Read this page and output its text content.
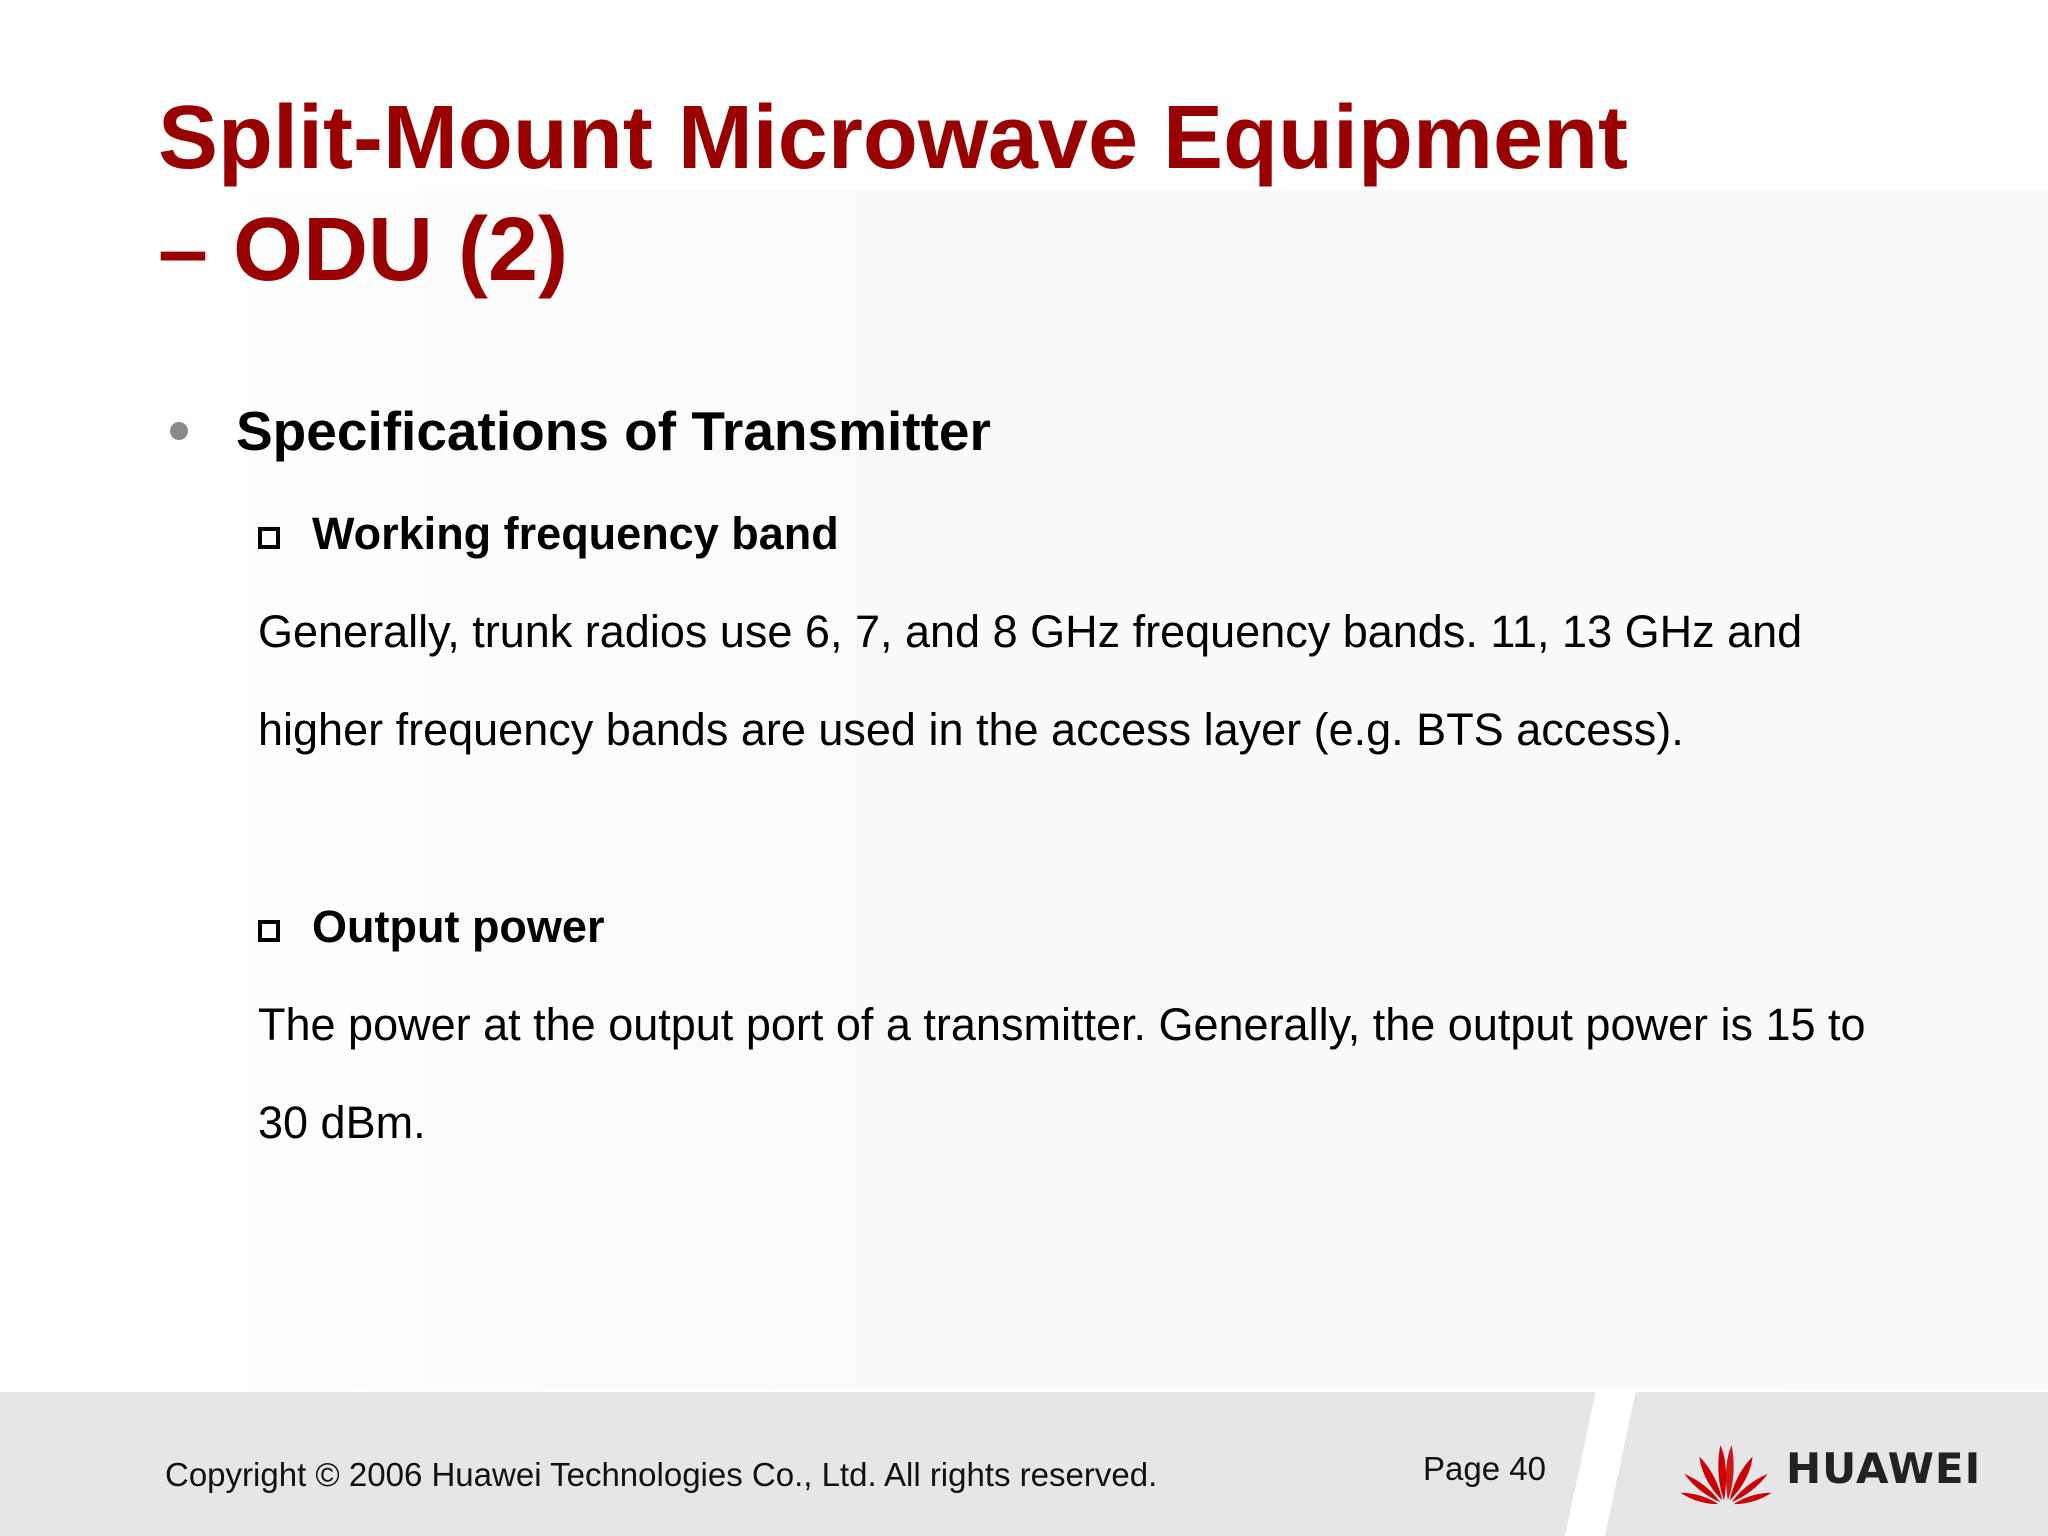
Split-Mount Microwave Equipment
– ODU (2)
Specifications of Transmitter
Working frequency band

Generally, trunk radios use 6, 7, and 8 GHz frequency bands. 11, 13 GHz and higher frequency bands are used in the access layer (e.g. BTS access).

Output power

The power at the output port of a transmitter. Generally, the output power is 15 to 30 dBm.

Copyright © 2006 Huawei Technologies Co., Ltd. All rights reserved.	Page 40	HUAWEI
